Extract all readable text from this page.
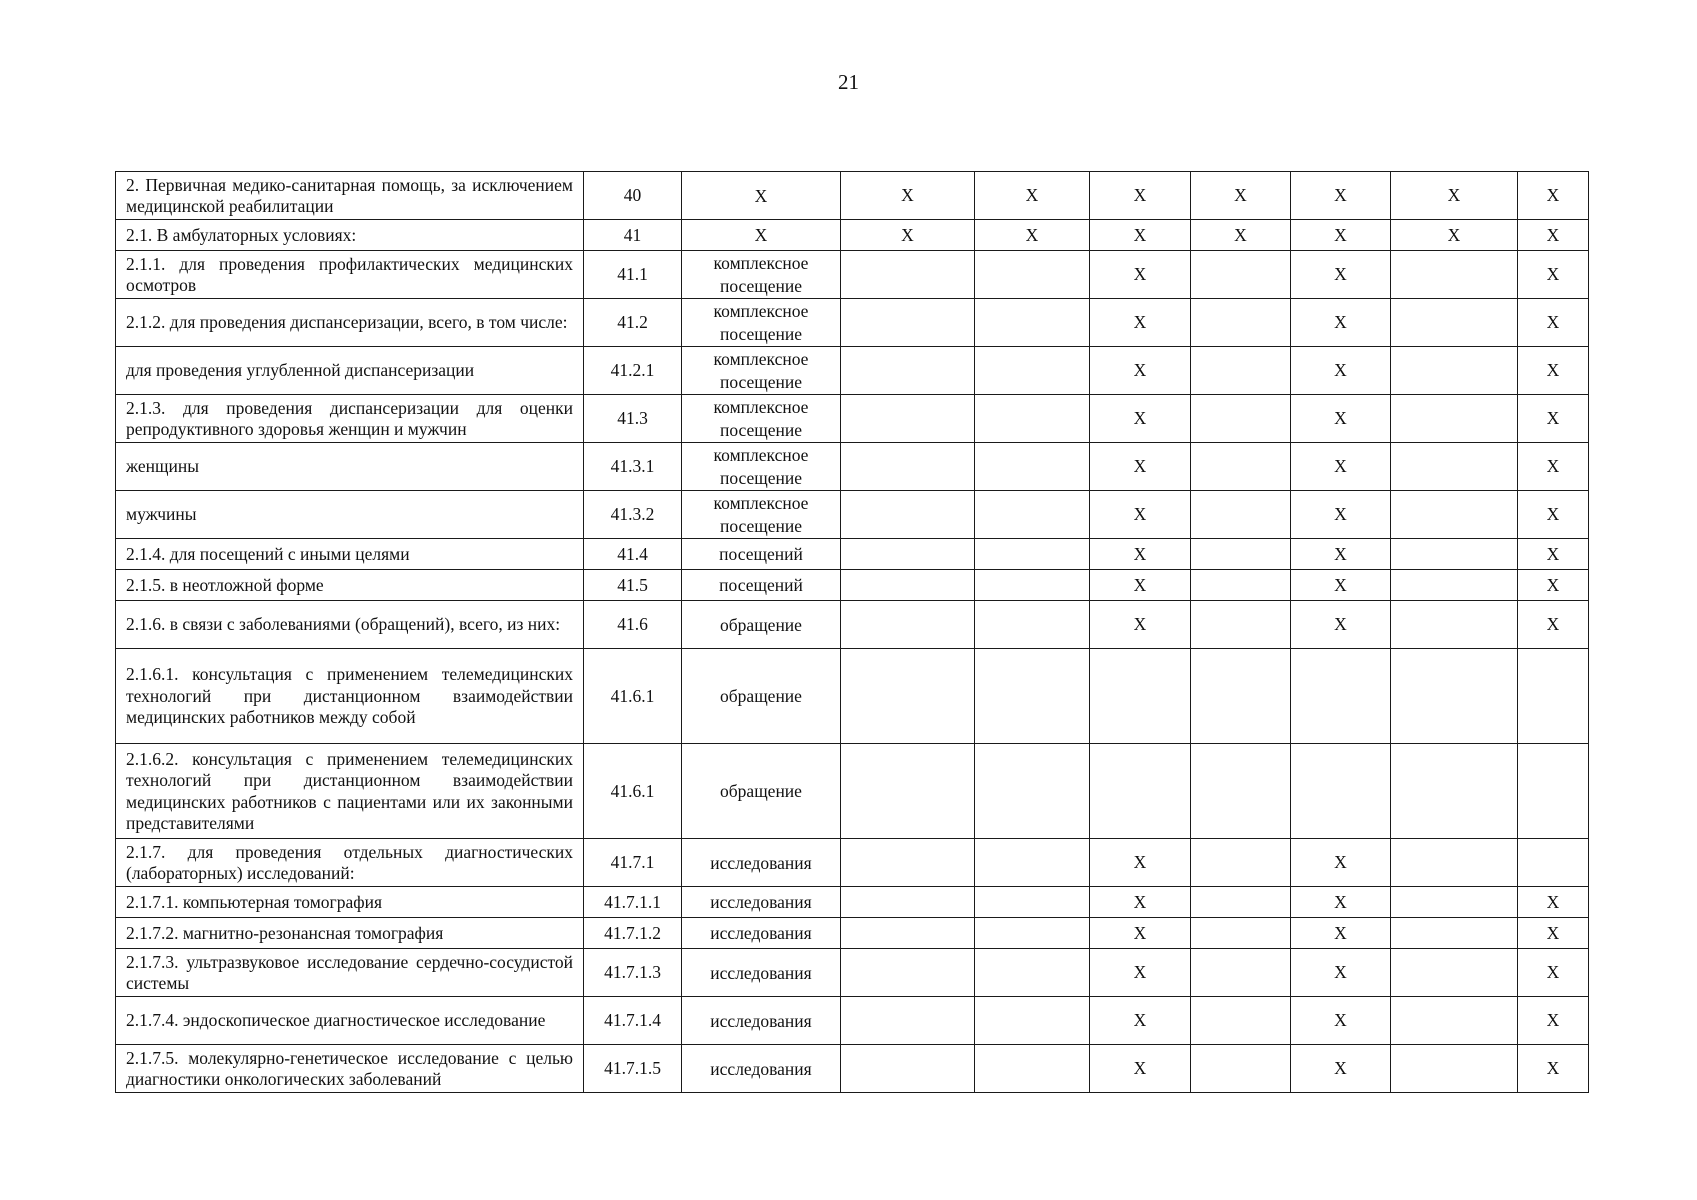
21
2. Первичная медико-санитарная помощь, за исключением медицинской реабилитации	40	Х	Х	Х	Х	Х	Х	Х	Х
2.1. В амбулаторных условиях:	41	Х	Х	Х	Х	Х	Х	Х	Х
2.1.1. для проведения профилактических медицинских осмотров	41.1	комплексное посещение			Х		Х		Х
2.1.2. для проведения диспансеризации, всего, в том числе:	41.2	комплексное посещение			Х		Х		Х
для проведения углубленной диспансеризации	41.2.1	комплексное посещение			Х		Х		Х
2.1.3. для проведения диспансеризации для оценки репродуктивного здоровья женщин и мужчин	41.3	комплексное посещение			Х		Х		Х
женщины	41.3.1	комплексное посещение			Х		Х		Х
мужчины	41.3.2	комплексное посещение			Х		Х		Х
2.1.4. для посещений с иными целями	41.4	посещений			Х		Х		Х
2.1.5. в неотложной форме	41.5	посещений			Х		Х		Х
2.1.6. в связи с заболеваниями (обращений), всего, из них:	41.6	обращение			Х		Х		Х
2.1.6.1. консультация с применением телемедицинских технологий при дистанционном взаимодействии медицинских работников между собой	41.6.1	обращение							
2.1.6.2. консультация с применением телемедицинских технологий при дистанционном взаимодействии медицинских работников с пациентами или их законными представителями	41.6.1	обращение							
2.1.7. для проведения отдельных диагностических (лабораторных) исследований:	41.7.1	исследования			Х		Х		
2.1.7.1. компьютерная томография	41.7.1.1	исследования			Х		Х		Х
2.1.7.2. магнитно-резонансная томография	41.7.1.2	исследования			Х		Х		Х
2.1.7.3. ультразвуковое исследование сердечно-сосудистой системы	41.7.1.3	исследования			Х		Х		Х
2.1.7.4. эндоскопическое диагностическое исследование	41.7.1.4	исследования			Х		Х		Х
2.1.7.5. молекулярно-генетическое исследование с целью диагностики онкологических заболеваний	41.7.1.5	исследования			Х		Х		Х
